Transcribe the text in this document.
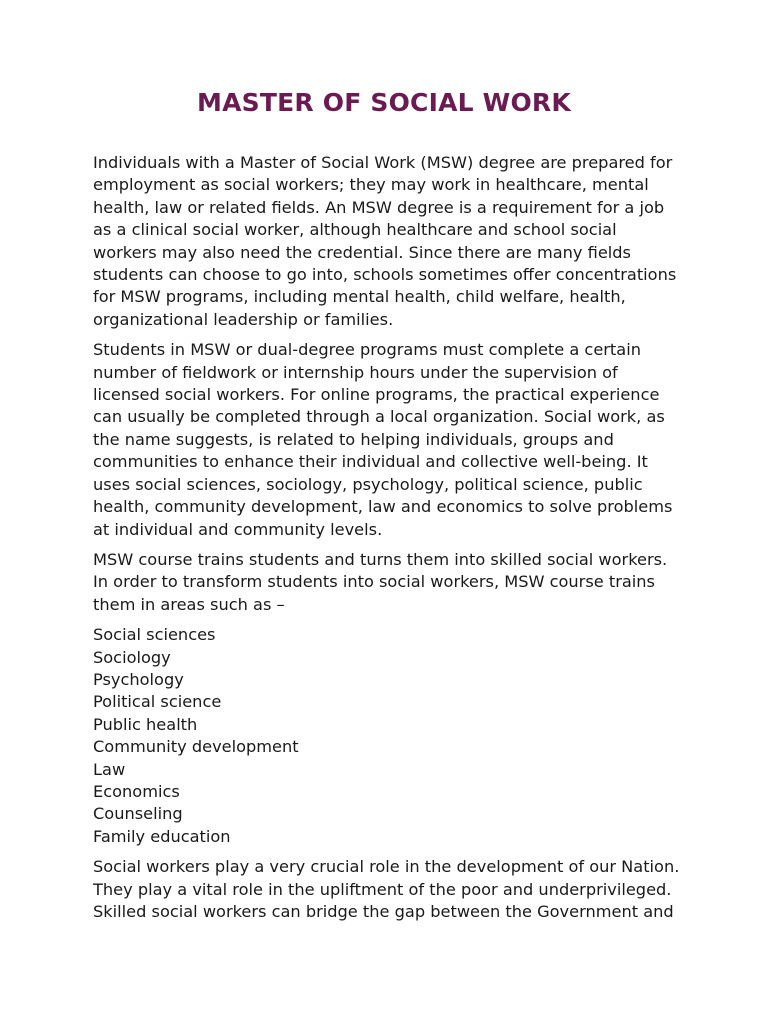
MASTER OF SOCIAL WORK

Individuals with a Master of Social Work (MSW) degree are prepared for
employment as social workers; they may work in healthcare, mental
health, law or related fields. An MSW degree is a requirement for a job
as a clinical social worker, although healthcare and school social
workers may also need the credential. Since there are many fields
students can choose to go into, schools sometimes offer concentrations
for MSW programs, including mental health, child welfare, health,
organizational leadership or families.

Students in MSW or dual-degree programs must complete a certain
number of fieldwork or internship hours under the supervision of
licensed social workers. For online programs, the practical experience
can usually be completed through a local organization. Social work, as
the name suggests, is related to helping individuals, groups and
communities to enhance their individual and collective well-being. It
uses social sciences, sociology, psychology, political science, public
health, community development, law and economics to solve problems
at individual and community levels.

MSW course trains students and turns them into skilled social workers.
In order to transform students into social workers, MSW course trains
them in areas such as –

Social sciences
Sociology
Psychology
Political science
Public health
Community development
Law
Economics
Counseling
Family education

Social workers play a very crucial role in the development of our Nation.
They play a vital role in the upliftment of the poor and underprivileged.
Skilled social workers can bridge the gap between the Government and
